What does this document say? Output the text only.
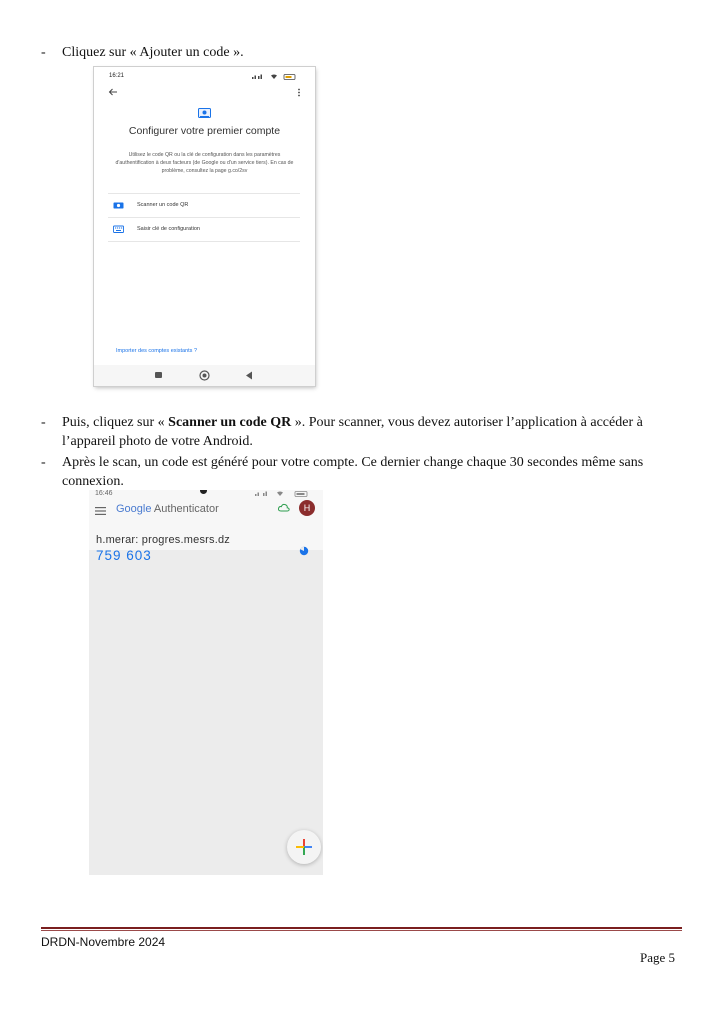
- Cliquez sur « Ajouter un code ».
16:21
Configurer votre premier compte
Utilisez le code QR ou la clé de configuration dans les paramètres d'authentification à deux facteurs (de Google ou d'un service tiers). En cas de problème, consultez la page g.co/2sv
Scanner un code QR
Saisir clé de configuration
Importer des comptes existants ?
- Puis, cliquez sur « Scanner un code QR ». Pour scanner, vous devez autoriser l’application à accéder à
l’appareil photo de votre Android.
- Après le scan, un code est généré pour votre compte. Ce dernier change chaque 30 secondes même sans
connexion.
16:46
Google Authenticator	H
h.merar: progres.mesrs.dz
759 603
DRDN-Novembre 2024
Page 5
